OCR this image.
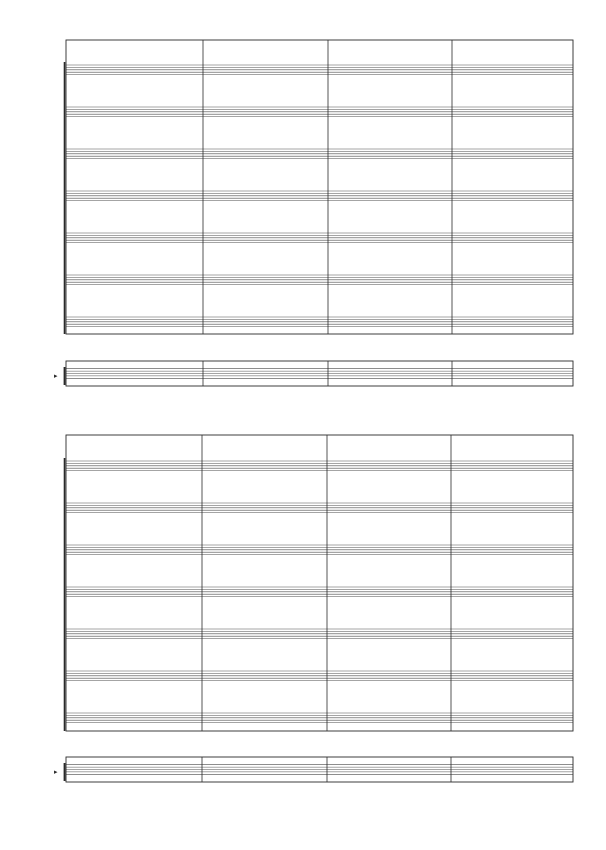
▸
▸
